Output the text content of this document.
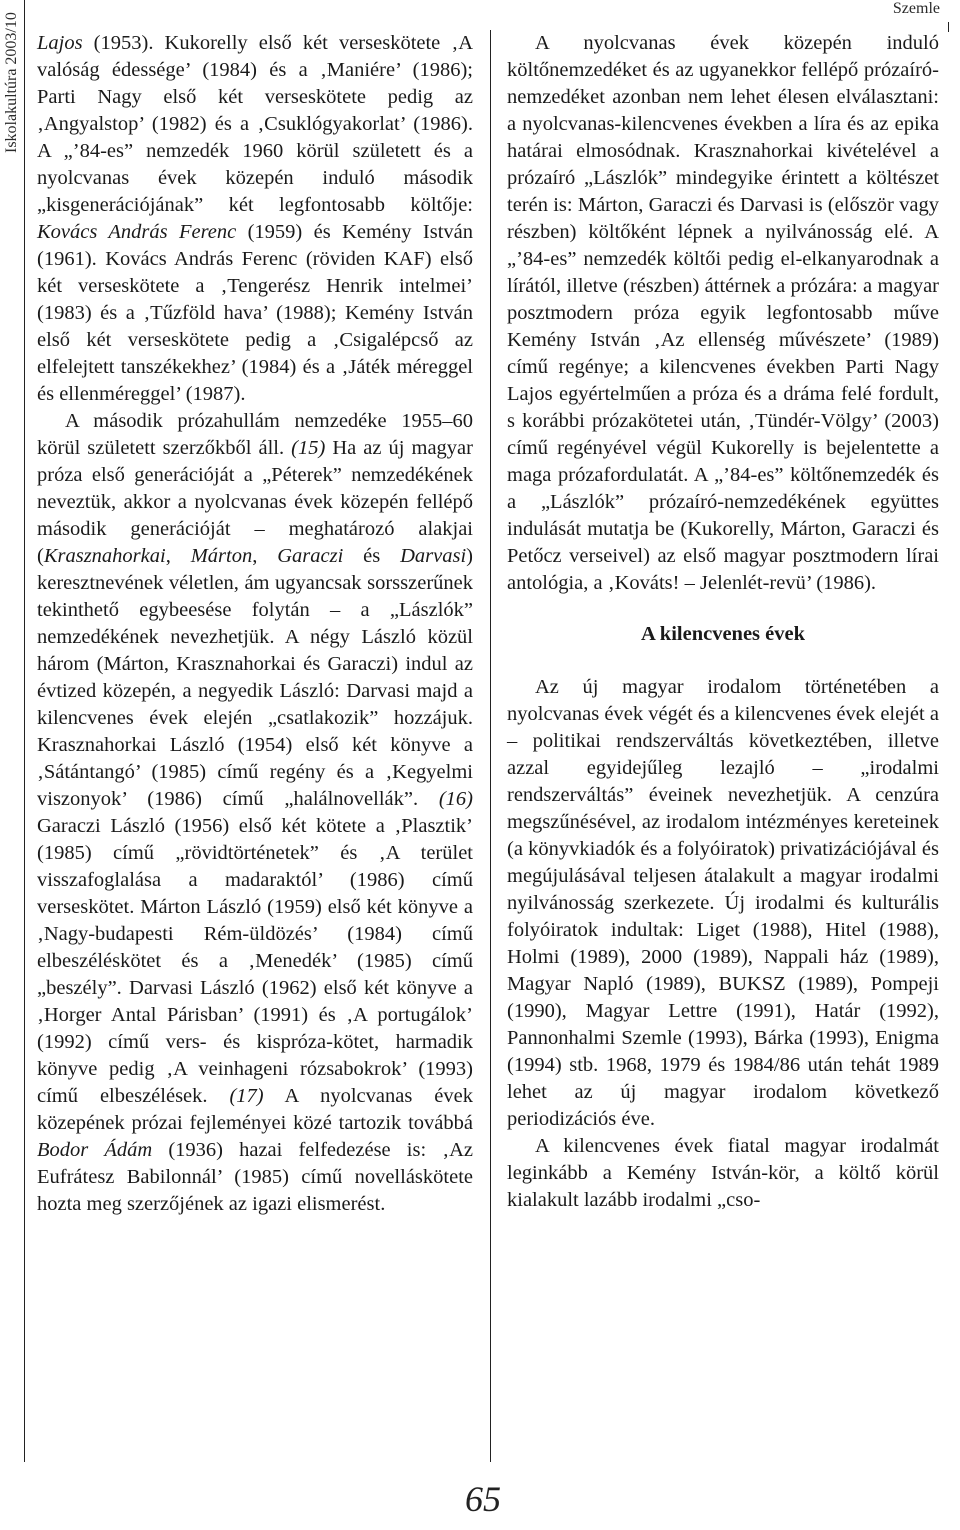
Iskolakultúra 2003/10
Szemle

Lajos (1953). Kukorelly első két verseskötete ‚A valóság édessége’ (1984) és a ‚Maniére’ (1986); Parti Nagy első két verseskötete pedig az ‚Angyalstop’ (1982) és a ‚Csuklógyakorlat’ (1986). A „’84-es” nemzedék 1960 körül született és a nyolcvanas évek közepén induló második „kisgenerációjának” két legfontosabb költője: Kovács András Ferenc (1959) és Kemény István (1961). Kovács András Ferenc (röviden KAF) első két verseskötete a ‚Tengerész Henrik intelmei’ (1983) és a ‚Tűzföld hava’ (1988); Kemény István első két verseskötete pedig a ‚Csigalépcső az elfelejtett tanszékekhez’ (1984) és a ‚Játék méreggel és ellenméreggel’ (1987).

A második prózahullám nemzedéke 1955–60 körül született szerzőkből áll. (15) Ha az új magyar próza első generációját a „Péterek” nemzedékének neveztük, akkor a nyolcvanas évek közepén fellépő második generációját – meghatározó alakjai (Krasznahorkai, Márton, Garaczi és Darvasi) keresztnevének véletlen, ám ugyancsak sorsszerűnek tekinthető egybeesése folytán – a „Lászlók” nemzedékének nevezhetjük. A négy László közül három (Márton, Krasznahorkai és Garaczi) indul az évtized közepén, a negyedik László: Darvasi majd a kilencvenes évek elején „csatlakozik” hozzájuk. Krasznahorkai László (1954) első két könyve a ‚Sátántangó’ (1985) című regény és a ‚Kegyelmi viszonyok’ (1986) című „halálnovellák”. (16) Garaczi László (1956) első két kötete a ‚Plasztik’ (1985) című „rövidtörténetek” és ‚A terület visszafoglalása a madaraktól’ (1986) című verseskötet. Márton László (1959) első két könyve a ‚Nagy-budapesti Rém-üldözés’ (1984) című elbeszéléskötet és a ‚Menedék’ (1985) című „beszély”. Darvasi László (1962) első két könyve a ‚Horger Antal Párisban’ (1991) és ‚A portugálok’ (1992) című vers- és kispróza-kötet, harmadik könyve pedig ‚A veinhageni rózsabokrok’ (1993) című elbeszélések. (17) A nyolcvanas évek közepének prózai fejleményei közé tartozik továbbá Bodor Ádám (1936) hazai felfedezése is: ‚Az Eufrátesz Babilonnál’ (1985) című novelláskötete hozta meg szerzőjének az igazi elismerést.

A nyolcvanas évek közepén induló költőnemzedéket és az ugyanekkor fellépő prózaíró-nemzedéket azonban nem lehet élesen elválasztani: a nyolcvanas-kilencvenes években a líra és az epika határai elmosódnak. Krasznahorkai kivételével a prózaíró „Lászlók” mindegyike érintett a költészet terén is: Márton, Garaczi és Darvasi is (először vagy részben) költőként lépnek a nyilvánosság elé. A „’84-es” nemzedék költői pedig el-elkanyarodnak a lírától, illetve (részben) áttérnek a prózára: a magyar posztmodern próza egyik legfontosabb műve Kemény István ‚Az ellenség művészete’ (1989) című regénye; a kilencvenes években Parti Nagy Lajos egyértelműen a próza és a dráma felé fordult, s korábbi prózakötetei után, ‚Tündér-Völgy’ (2003) című regényével végül Kukorelly is bejelentette a maga prózafordulatát. A „’84-es” költőnemzedék és a „Lászlók” prózaíró-nemzedékének együttes indulását mutatja be (Kukorelly, Márton, Garaczi és Petőcz verseivel) az első magyar posztmodern lírai antológia, a ‚Kováts! – Jelenlét-revü’ (1986).

A kilencvenes évek

Az új magyar irodalom történetében a nyolcvanas évek végét és a kilencvenes évek elejét a – politikai rendszerváltás következtében, illetve azzal egyidejűleg lezajló – „irodalmi rendszerváltás” éveinek nevezhetjük. A cenzúra megszűnésével, az irodalom intézményes kereteinek (a könyvkiadók és a folyóiratok) privatizációjával és megújulásával teljesen átalakult a magyar irodalmi nyilvánosság szerkezete. Új irodalmi és kulturális folyóiratok indultak: Liget (1988), Hitel (1988), Holmi (1989), 2000 (1989), Nappali ház (1989), Magyar Napló (1989), BUKSZ (1989), Pompeji (1990), Magyar Lettre (1991), Határ (1992), Pannonhalmi Szemle (1993), Bárka (1993), Enigma (1994) stb. 1968, 1979 és 1984/86 után tehát 1989 lehet az új magyar irodalom következő periodizációs éve.

A kilencvenes évek fiatal magyar irodalmát leginkább a Kemény István-kör, a költő körül kialakult lazább irodalmi „cso-

65
